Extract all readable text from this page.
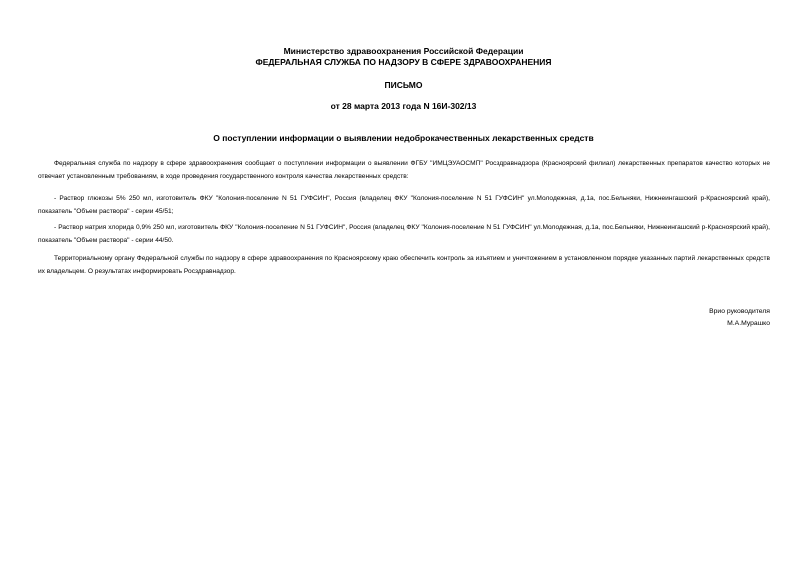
Министерство здравоохранения Российской Федерации
ФЕДЕРАЛЬНАЯ СЛУЖБА ПО НАДЗОРУ В СФЕРЕ ЗДРАВООХРАНЕНИЯ
ПИСЬМО
от 28 марта 2013 года N 16И-302/13
О поступлении информации о выявлении недоброкачественных лекарственных средств
Федеральная служба по надзору в сфере здравоохранения сообщает о поступлении информации о выявлении ФГБУ "ИМЦЭУАОСМП" Росздравнадзора (Красноярский филиал) лекарственных препаратов качество которых не отвечает установленным требованиям, в ходе проведения государственного контроля качества лекарственных средств:
- Раствор глюкозы 5% 250 мл, изготовитель ФКУ "Колония-поселение N 51 ГУФСИН", Россия (владелец ФКУ "Колония-поселение N 51 ГУФСИН" ул.Молодежная, д.1а, пос.Бельняки, Нижнеингашский р-Красноярский край), показатель "Объем раствора" - серии 45/51;
- Раствор натрия хлорида 0,9% 250 мл, изготовитель ФКУ "Колония-поселение N 51 ГУФСИН", Россия (владелец ФКУ "Колония-поселение N 51 ГУФСИН" ул.Молодежная, д.1а, пос.Бельняки, Нижнеингашский р-Красноярский край), показатель "Объем раствора" - серии 44/50.
Территориальному органу Федеральной службы по надзору в сфере здравоохранения по Красноярскому краю обеспечить контроль за изъятием и уничтожением в установленном порядке указанных партий лекарственных средств их владельцем. О результатах информировать Росздравнадзор.
Врио руководителя
М.А.Мурашко
